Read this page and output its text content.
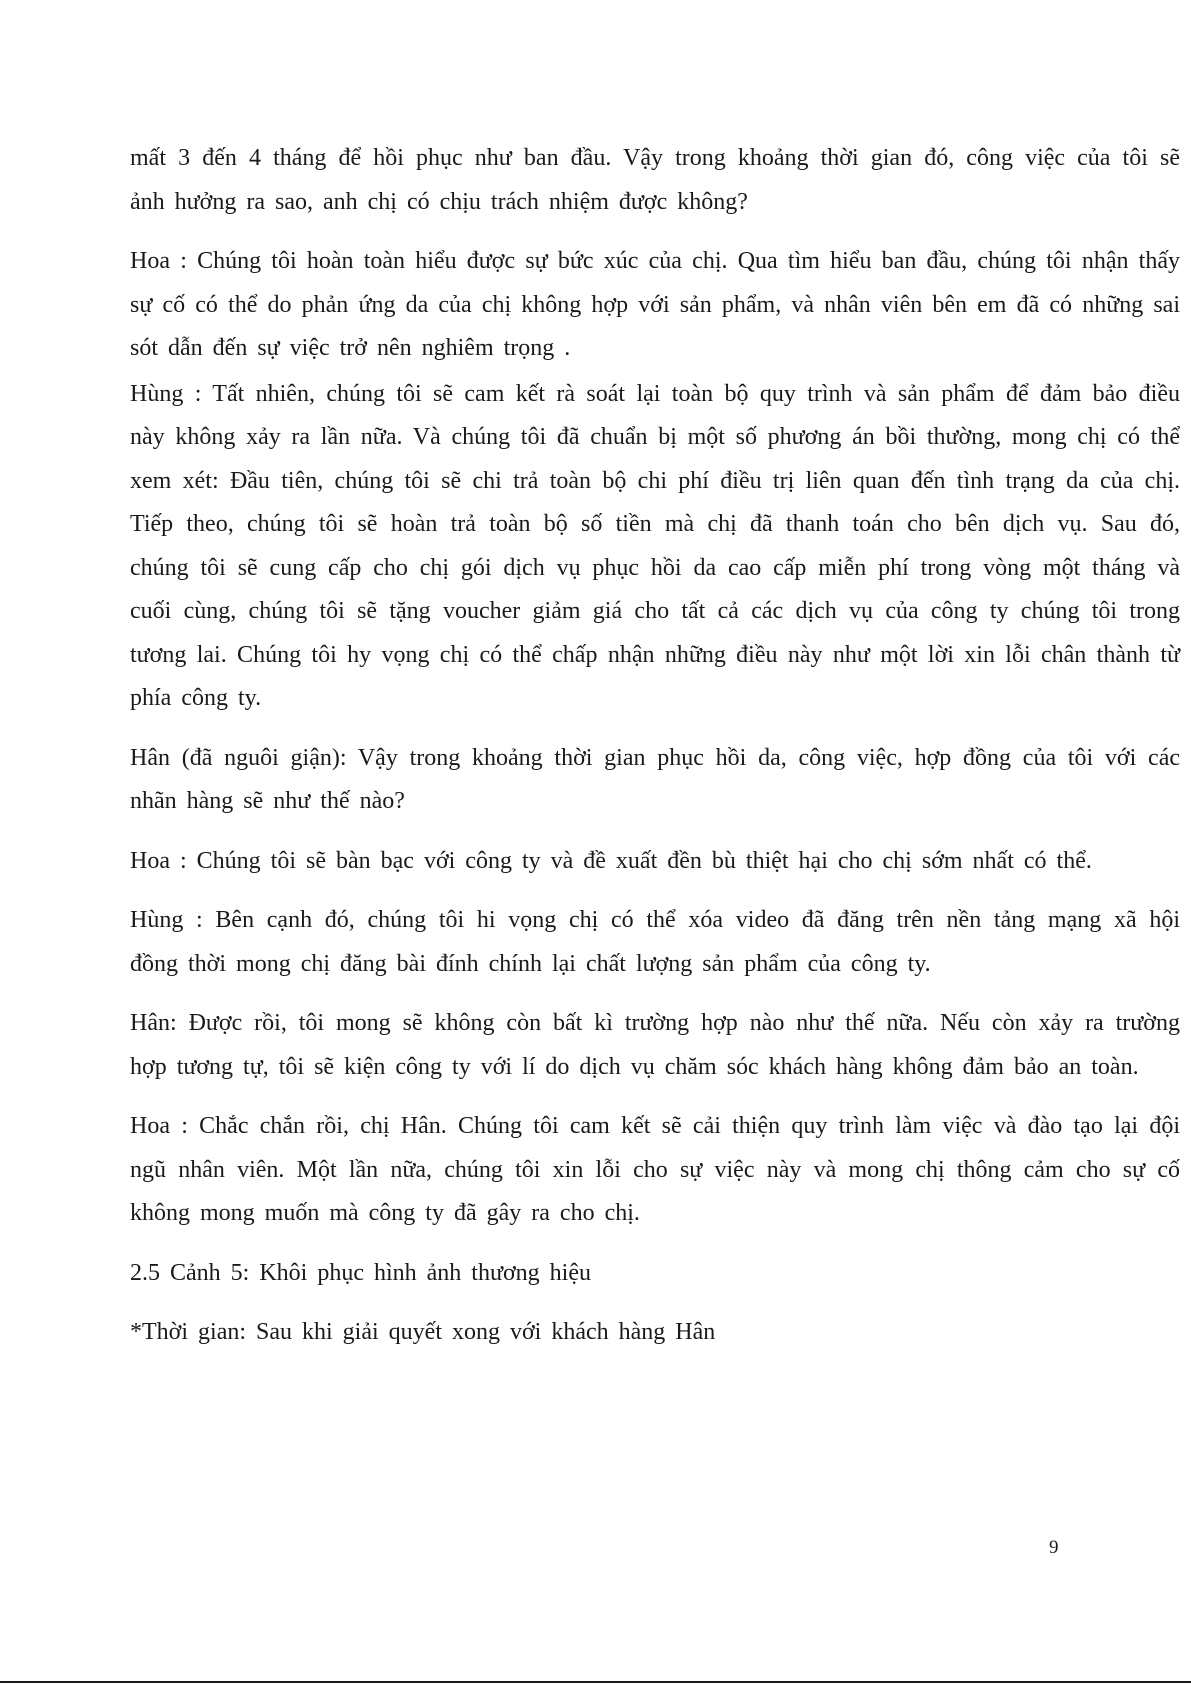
mất 3 đến 4 tháng để hồi phục như ban đầu. Vậy trong khoảng thời gian đó, công việc của tôi sẽ ảnh hưởng ra sao, anh chị có chịu trách nhiệm được không?

Hoa : Chúng tôi hoàn toàn hiểu được sự bức xúc của chị. Qua tìm hiểu ban đầu, chúng tôi nhận thấy sự cố có thể do phản ứng da của chị không hợp với sản phẩm, và nhân viên bên em đã có những sai sót dẫn đến sự việc trở nên nghiêm trọng .

Hùng : Tất nhiên, chúng tôi sẽ cam kết rà soát lại toàn bộ quy trình và sản phẩm để đảm bảo điều này không xảy ra lần nữa. Và chúng tôi đã chuẩn bị một số phương án bồi thường, mong chị có thể xem xét: Đầu tiên, chúng tôi sẽ chi trả toàn bộ chi phí điều trị liên quan đến tình trạng da của chị. Tiếp theo, chúng tôi sẽ hoàn trả toàn bộ số tiền mà chị đã thanh toán cho bên dịch vụ. Sau đó, chúng tôi sẽ cung cấp cho chị gói dịch vụ phục hồi da cao cấp miễn phí trong vòng một tháng và cuối cùng, chúng tôi sẽ tặng voucher giảm giá cho tất cả các dịch vụ của công ty chúng tôi trong tương lai. Chúng tôi hy vọng chị có thể chấp nhận những điều này như một lời xin lỗi chân thành từ phía công ty.

Hân (đã nguôi giận): Vậy trong khoảng thời gian phục hồi da, công việc, hợp đồng của tôi với các nhãn hàng sẽ như thế nào?

Hoa : Chúng tôi sẽ bàn bạc với công ty và đề xuất đền bù thiệt hại cho chị sớm nhất có thể.

Hùng : Bên cạnh đó, chúng tôi hi vọng chị có thể xóa video đã đăng trên nền tảng mạng xã hội đồng thời mong chị đăng bài đính chính lại chất lượng sản phẩm của công ty.

Hân: Được rồi, tôi mong sẽ không còn bất kì trường hợp nào như thế nữa. Nếu còn xảy ra trường hợp tương tự, tôi sẽ kiện công ty với lí do dịch vụ chăm sóc khách hàng không đảm bảo an toàn.

Hoa : Chắc chắn rồi, chị Hân. Chúng tôi cam kết sẽ cải thiện quy trình làm việc và đào tạo lại đội ngũ nhân viên. Một lần nữa, chúng tôi xin lỗi cho sự việc này và mong chị thông cảm cho sự cố không mong muốn mà công ty đã gây ra cho chị.

2.5 Cảnh 5: Khôi phục hình ảnh thương hiệu

*Thời gian: Sau khi giải quyết xong với khách hàng Hân

9
